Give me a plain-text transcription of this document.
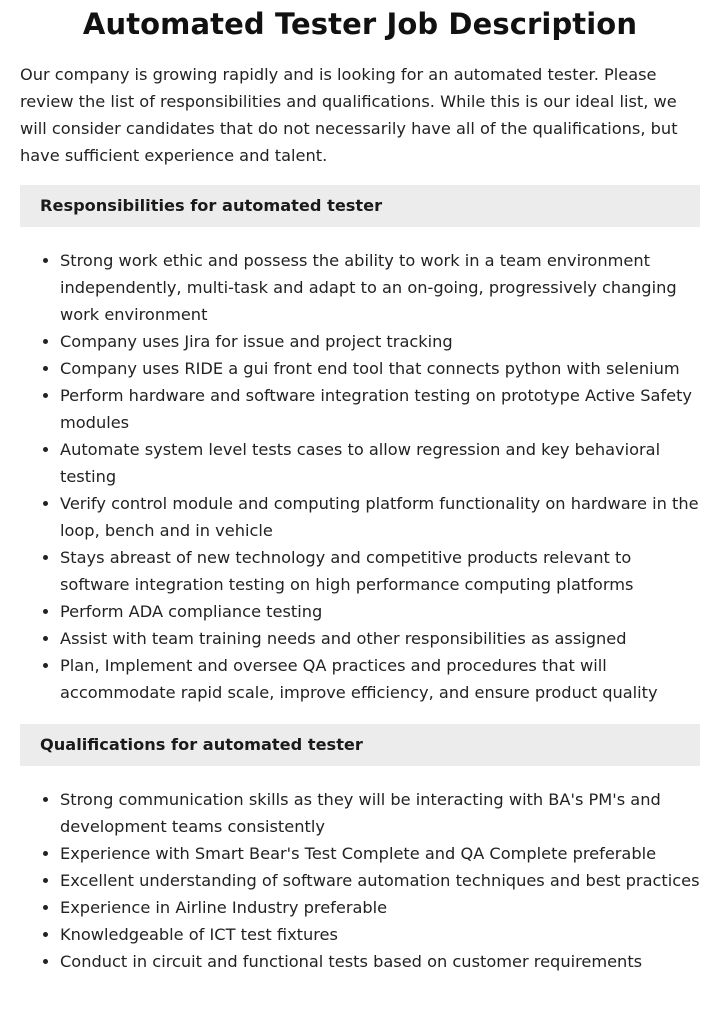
Automated Tester Job Description

Our company is growing rapidly and is looking for an automated tester. Please review the list of responsibilities and qualifications. While this is our ideal list, we will consider candidates that do not necessarily have all of the qualifications, but have sufficient experience and talent.

Responsibilities for automated tester
Strong work ethic and possess the ability to work in a team environment independently, multi-task and adapt to an on-going, progressively changing work environment
Company uses Jira for issue and project tracking
Company uses RIDE a gui front end tool that connects python with selenium
Perform hardware and software integration testing on prototype Active Safety modules
Automate system level tests cases to allow regression and key behavioral testing
Verify control module and computing platform functionality on hardware in the loop, bench and in vehicle
Stays abreast of new technology and competitive products relevant to software integration testing on high performance computing platforms
Perform ADA compliance testing
Assist with team training needs and other responsibilities as assigned
Plan, Implement and oversee QA practices and procedures that will accommodate rapid scale, improve efficiency, and ensure product quality
Qualifications for automated tester
Strong communication skills as they will be interacting with BA's PM's and development teams consistently
Experience with Smart Bear's Test Complete and QA Complete preferable
Excellent understanding of software automation techniques and best practices
Experience in Airline Industry preferable
Knowledgeable of ICT test fixtures
Conduct in circuit and functional tests based on customer requirements
